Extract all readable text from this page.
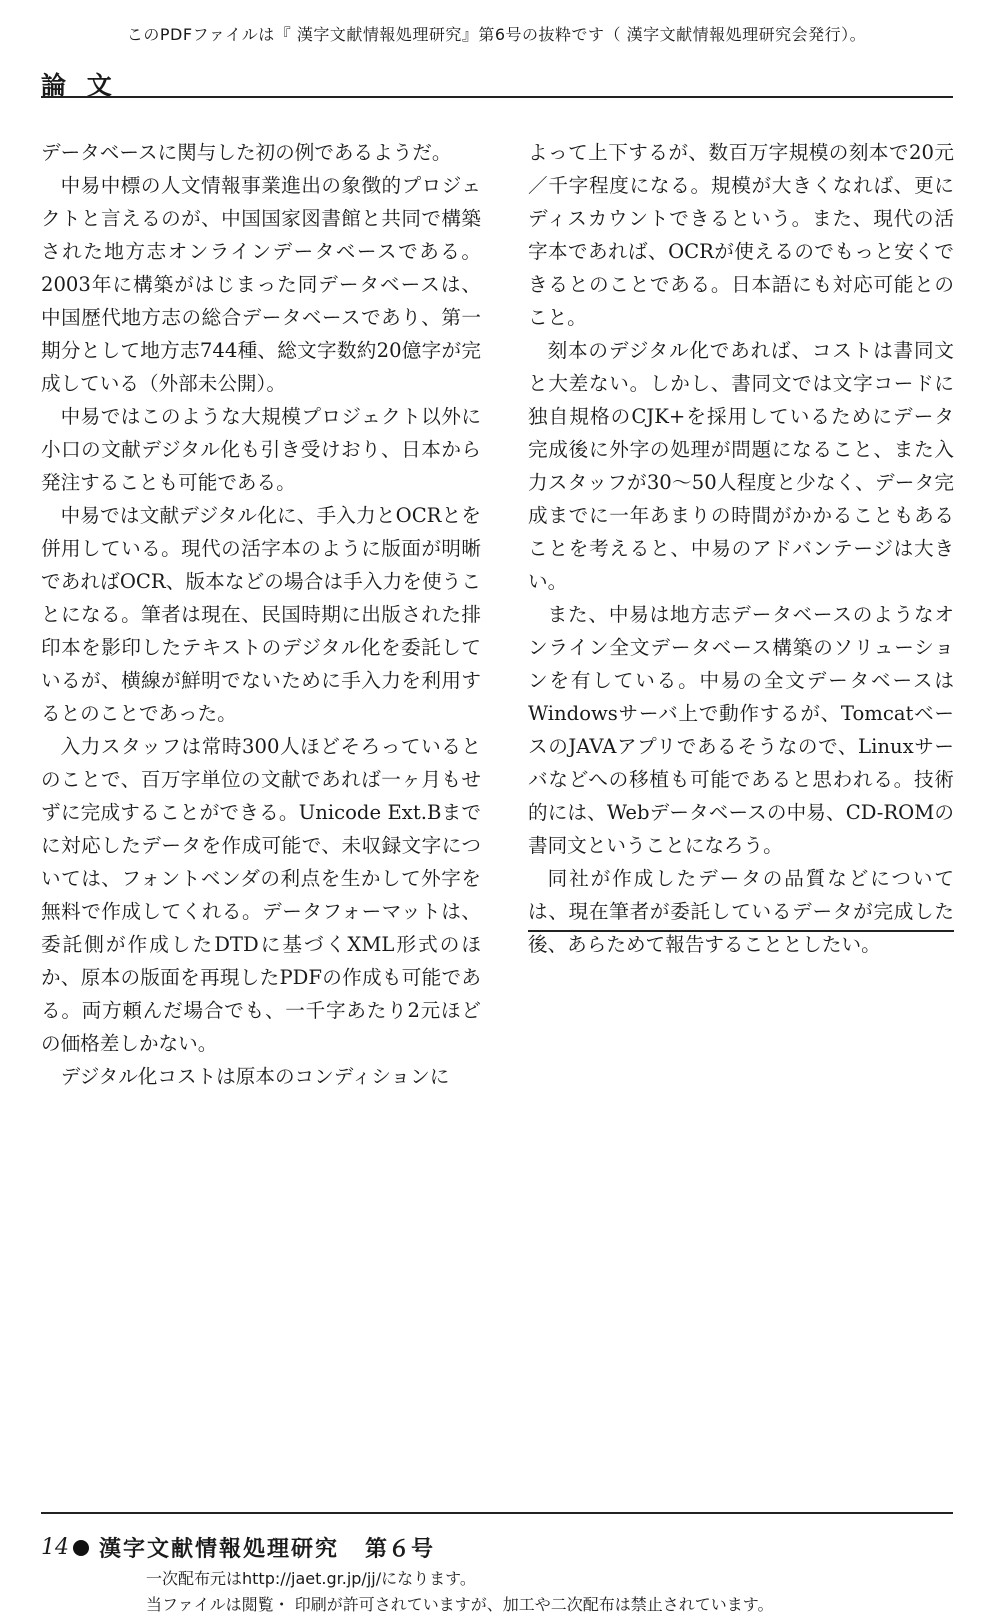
このPDFファイルは『 漢字文献情報処理研究』第6号の抜粋です（ 漢字文献情報処理研究会発行）。
論 文

データベースに関与した初の例であるようだ。

中易中標の人文情報事業進出の象徴的プロジェクトと言えるのが、中国国家図書館と共同で構築された地方志オンラインデータベースである。2003年に構築がはじまった同データベースは、中国歴代地方志の総合データベースであり、第一期分として地方志744種、総文字数約20億字が完成している（外部未公開）。

中易ではこのような大規模プロジェクト以外に小口の文献デジタル化も引き受けおり、日本から発注することも可能である。

中易では文献デジタル化に、手入力とOCRとを併用している。現代の活字本のように版面が明晰であればOCR、版本などの場合は手入力を使うことになる。筆者は現在、民国時期に出版された排印本を影印したテキストのデジタル化を委託しているが、横線が鮮明でないために手入力を利用するとのことであった。

入力スタッフは常時300人ほどそろっているとのことで、百万字単位の文献であれば一ヶ月もせずに完成することができる。Unicode Ext.Bまでに対応したデータを作成可能で、未収録文字については、フォントベンダの利点を生かして外字を無料で作成してくれる。データフォーマットは、委託側が作成したDTDに基づくXML形式のほか、原本の版面を再現したPDFの作成も可能である。両方頼んだ場合でも、一千字あたり2元ほどの価格差しかない。

デジタル化コストは原本のコンディションに

よって上下するが、数百万字規模の刻本で20元／千字程度になる。規模が大きくなれば、更にディスカウントできるという。また、現代の活字本であれば、OCRが使えるのでもっと安くできるとのことである。日本語にも対応可能とのこと。

刻本のデジタル化であれば、コストは書同文と大差ない。しかし、書同文では文字コードに独自規格のCJK+を採用しているためにデータ完成後に外字の処理が問題になること、また入力スタッフが30〜50人程度と少なく、データ完成までに一年あまりの時間がかかることもあることを考えると、中易のアドバンテージは大きい。

また、中易は地方志データベースのようなオンライン全文データベース構築のソリューションを有している。中易の全文データベースはWindowsサーバ上で動作するが、TomcatベースのJAVAアプリであるそうなので、Linuxサーバなどへの移植も可能であると思われる。技術的には、Webデータベースの中易、CD-ROMの書同文ということになろう。

同社が作成したデータの品質などについては、現在筆者が委託しているデータが完成した後、あらためて報告することとしたい。

14 漢字文献情報処理研究 第６号
一次配布元はhttp://jaet.gr.jp/jj/になります。
当ファイルは閲覧・ 印刷が許可されていますが、加工や二次配布は禁止されています。
